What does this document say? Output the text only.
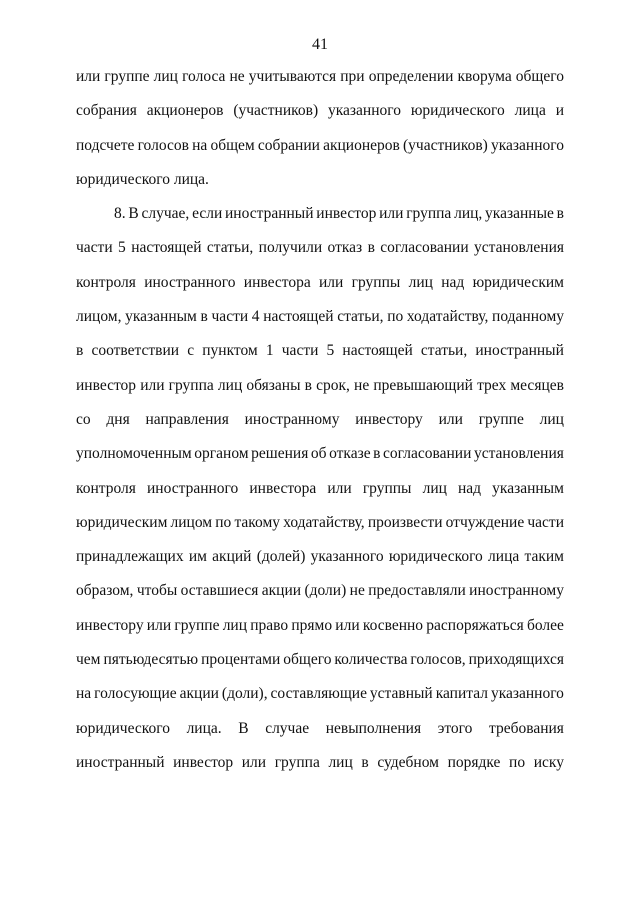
41
или группе лиц голоса не учитываются при определении кворума общего
собрания акционеров (участников) указанного юридического лица и
подсчете голосов на общем собрании акционеров (участников) указанного
юридического лица.
8. В случае, если иностранный инвестор или группа лиц, указанные в
части 5 настоящей статьи, получили отказ в согласовании установления
контроля иностранного инвестора или группы лиц над юридическим
лицом, указанным в части 4 настоящей статьи, по ходатайству, поданному
в соответствии с пунктом 1 части 5 настоящей статьи, иностранный
инвестор или группа лиц обязаны в срок, не превышающий трех месяцев
со дня направления иностранному инвестору или группе лиц
уполномоченным органом решения об отказе в согласовании установления
контроля иностранного инвестора или группы лиц над указанным
юридическим лицом по такому ходатайству, произвести отчуждение части
принадлежащих им акций (долей) указанного юридического лица таким
образом, чтобы оставшиеся акции (доли) не предоставляли иностранному
инвестору или группе лиц право прямо или косвенно распоряжаться более
чем пятьюдесятью процентами общего количества голосов, приходящихся
на голосующие акции (доли), составляющие уставный капитал указанного
юридического лица. В случае невыполнения этого требования
иностранный инвестор или группа лиц в судебном порядке по иску
